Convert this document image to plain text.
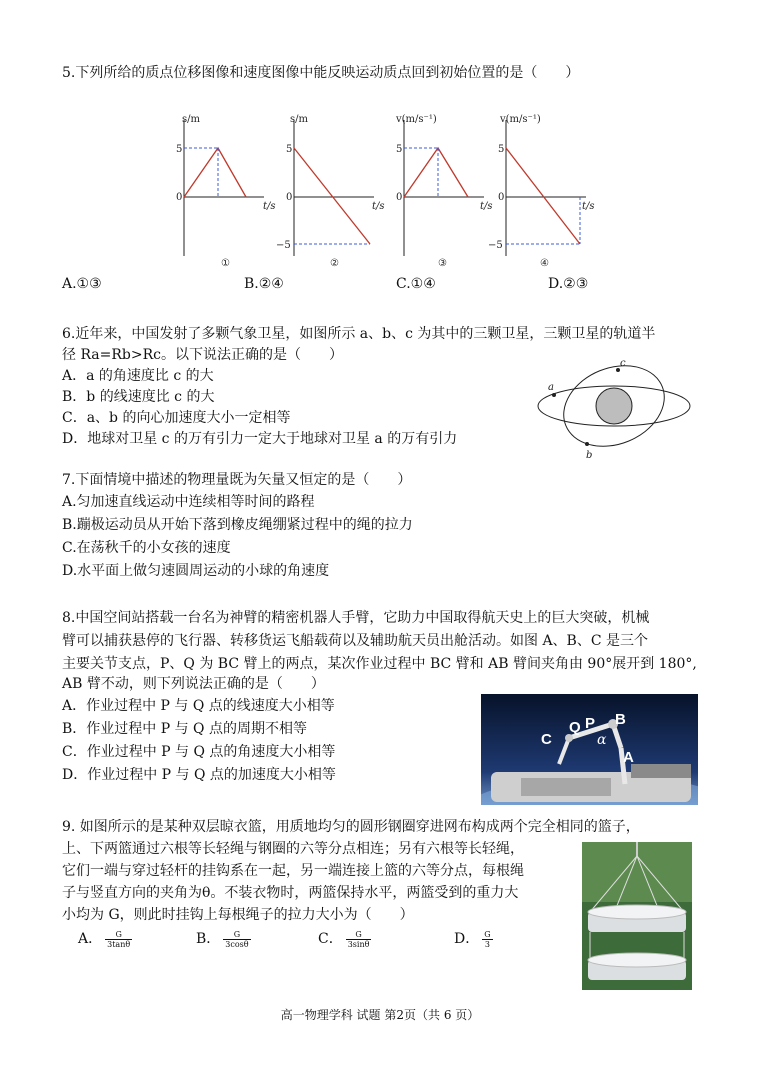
5.下列所给的质点位移图像和速度图像中能反映运动质点回到初始位置的是（　　）
s/m
5
0
t/s
①
s/m
5
0
−5
t/s
②
v(m/s⁻¹)
5
0
t/s
③
v(m/s⁻¹)
5
0
−5
t/s
④
A.①③	B.②④	C.①④	D.②③
6.近年来，中国发射了多颗气象卫星，如图所示 a、b、c 为其中的三颗卫星，三颗卫星的轨道半
径 Ra=Rb>Rc。以下说法正确的是（　　）
A．a 的角速度比 c 的大
B．b 的线速度比 c 的大
C．a、b 的向心加速度大小一定相等
D．地球对卫星 c 的万有引力一定大于地球对卫星 a 的万有引力
a
c
b
7.下面情境中描述的物理量既为矢量又恒定的是（　　）
A.匀加速直线运动中连续相等时间的路程
B.蹦极运动员从开始下落到橡皮绳绷紧过程中的绳的拉力
C.在荡秋千的小女孩的速度
D.水平面上做匀速圆周运动的小球的角速度
8.中国空间站搭载一台名为神臂的精密机器人手臂，它助力中国取得航天史上的巨大突破，机械
臂可以捕获悬停的飞行器、转移货运飞船载荷以及辅助航天员出舱活动。如图 A、B、C 是三个
主要关节支点，P、Q 为 BC 臂上的两点，某次作业过程中 BC 臂和 AB 臂间夹角由 90°展开到 180°,
AB 臂不动，则下列说法正确的是（　　）
A．作业过程中 P 与 Q 点的线速度大小相等
B．作业过程中 P 与 Q 点的周期不相等
C．作业过程中 P 与 Q 点的角速度大小相等
D．作业过程中 P 与 Q 点的加速度大小相等
C
Q P B
α
A
9. 如图所示的是某种双层晾衣篮，用质地均匀的圆形钢圈穿进网布构成两个完全相同的篮子，
上、下两篮通过六根等长轻绳与钢圈的六等分点相连；另有六根等长轻绳，
它们一端与穿过轻杆的挂钩系在一起，另一端连接上篮的六等分点，每根绳
子与竖直方向的夹角为θ。不装衣物时，两篮保持水平，两篮受到的重力大
小均为 G，则此时挂钩上每根绳子的拉力大小为（　　）
A． $\frac{G}{3\tan\theta}$	B． $\frac{G}{3\cos\theta}$	C． $\frac{G}{3\sin\theta}$	D． $\frac{G}{3}$
高一物理学科 试题 第2页（共 6 页）
